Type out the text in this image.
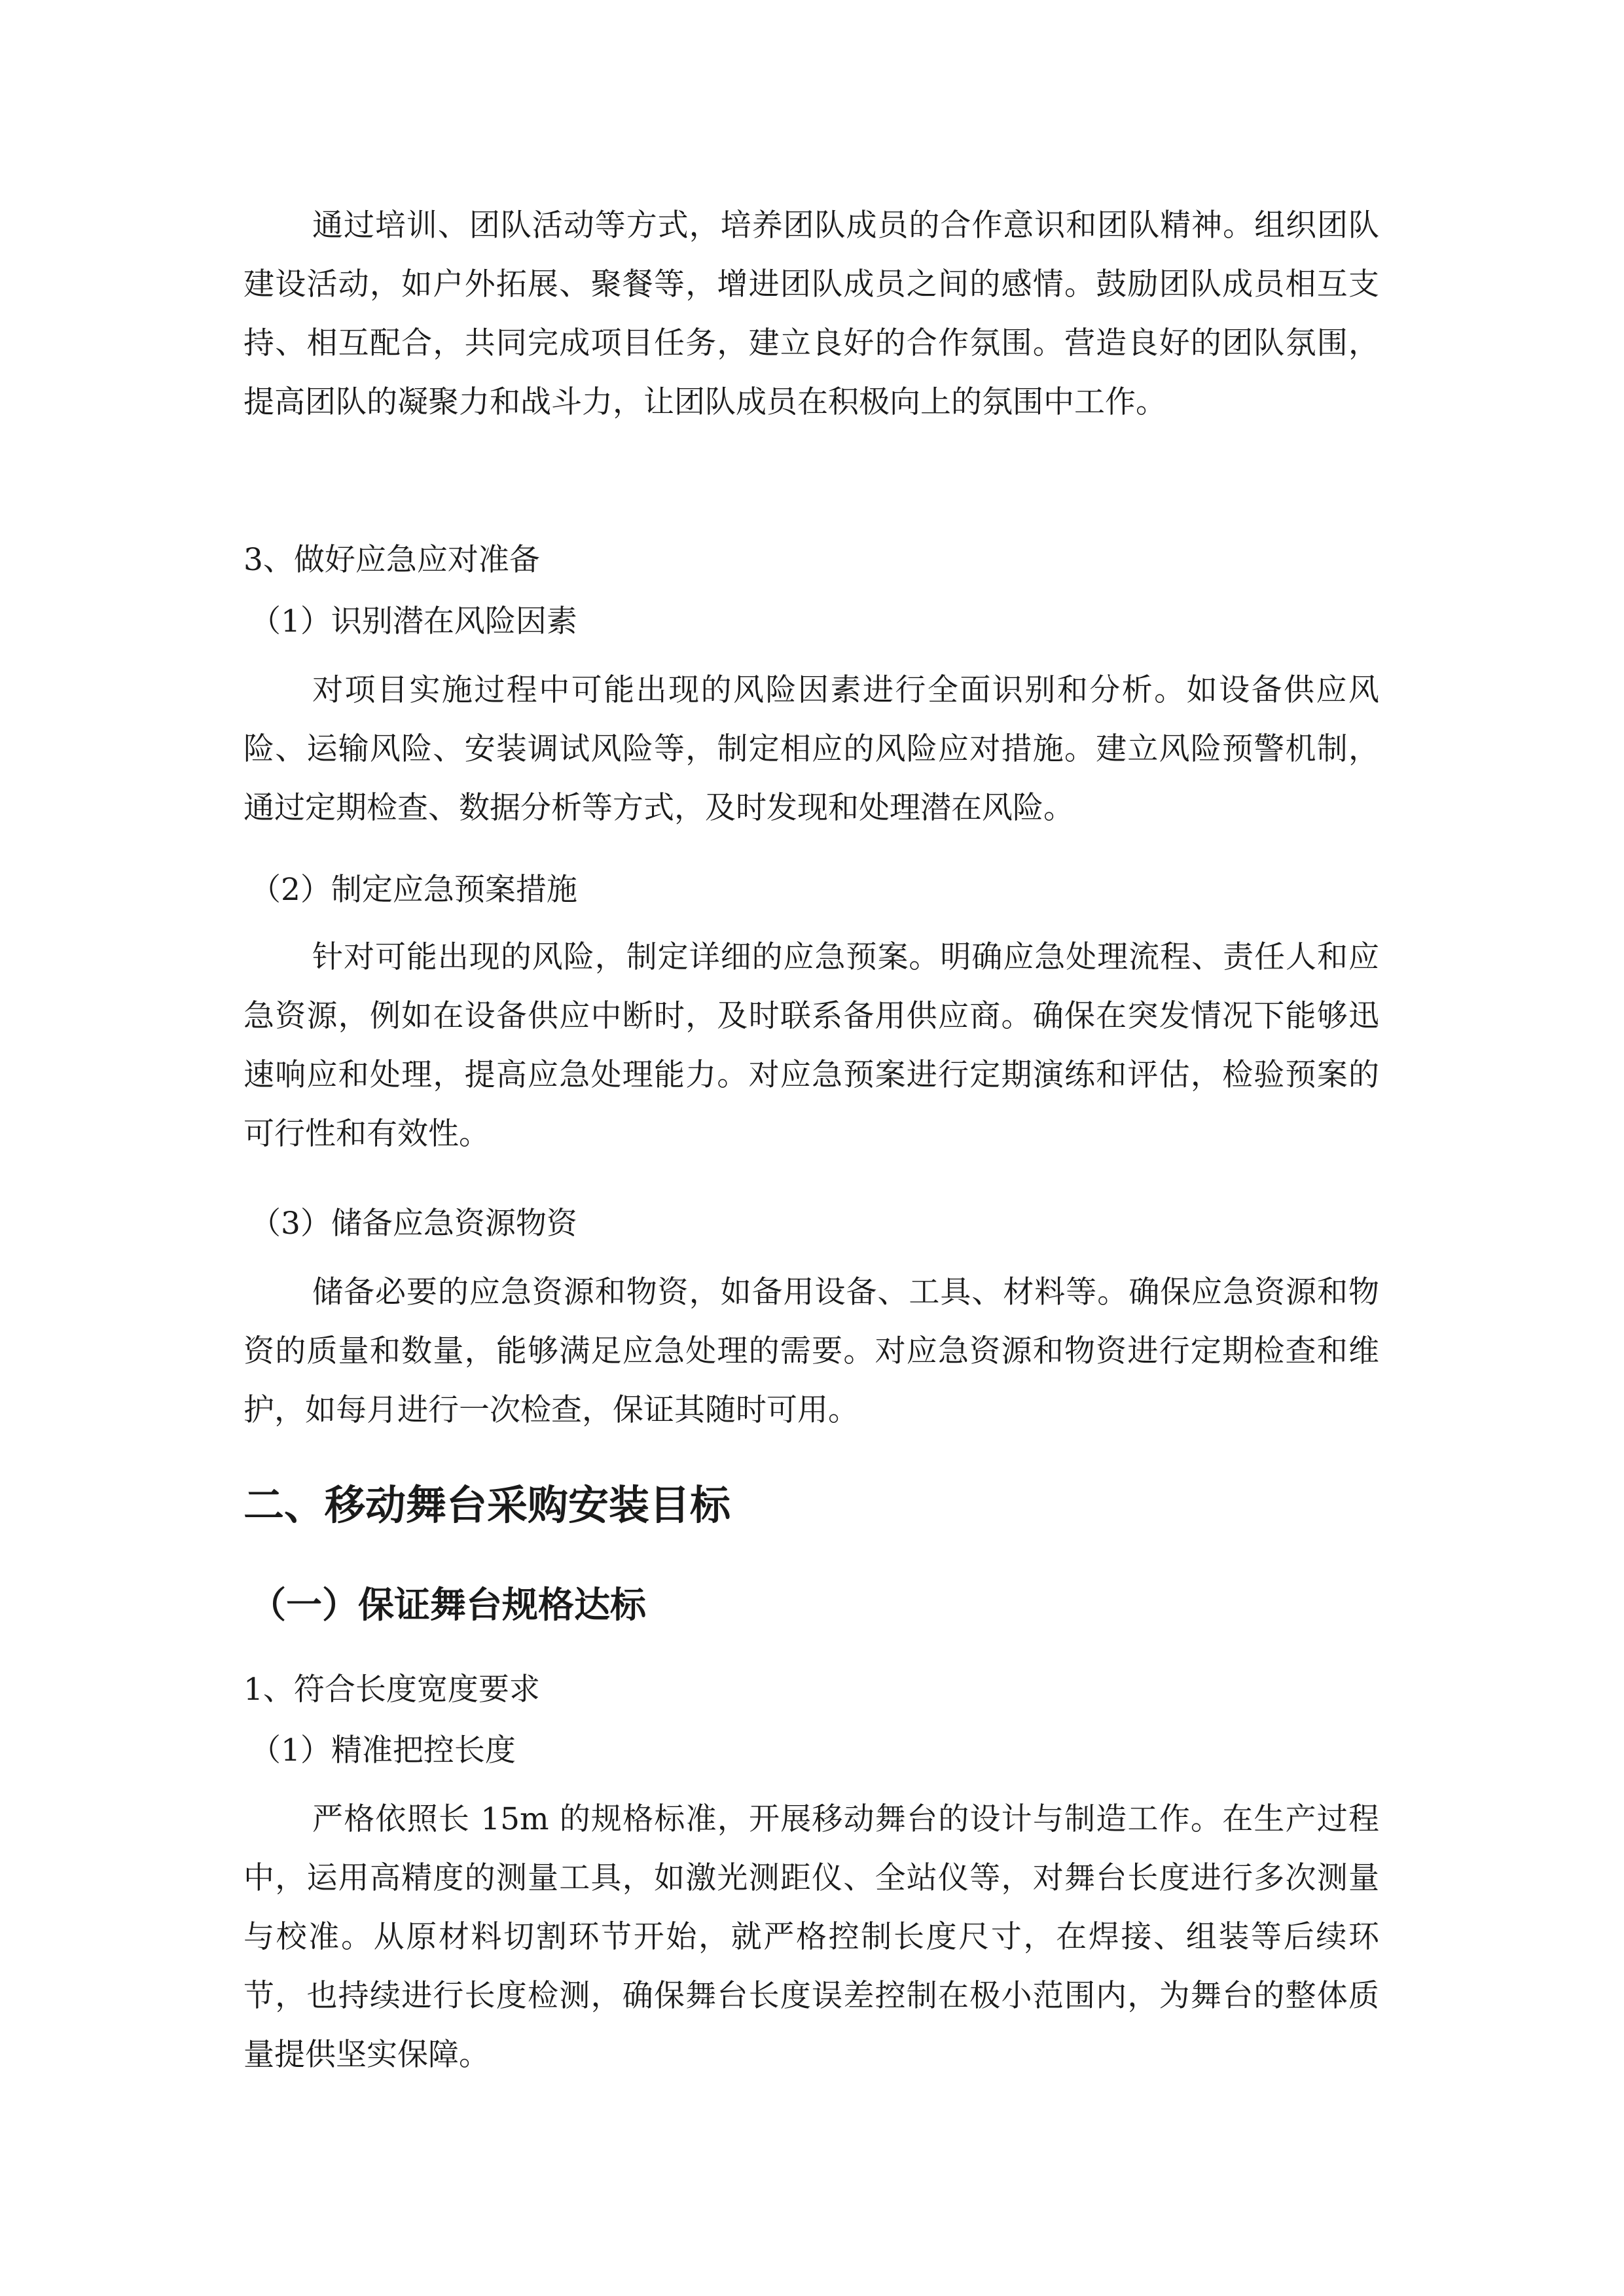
通过培训、团队活动等方式，培养团队成员的合作意识和团队精神。组织团队建设活动，如户外拓展、聚餐等，增进团队成员之间的感情。鼓励团队成员相互支持、相互配合，共同完成项目任务，建立良好的合作氛围。营造良好的团队氛围，提高团队的凝聚力和战斗力，让团队成员在积极向上的氛围中工作。

3、做好应急应对准备

（1）识别潜在风险因素

对项目实施过程中可能出现的风险因素进行全面识别和分析。如设备供应风险、运输风险、安装调试风险等，制定相应的风险应对措施。建立风险预警机制，通过定期检查、数据分析等方式，及时发现和处理潜在风险。

（2）制定应急预案措施

针对可能出现的风险，制定详细的应急预案。明确应急处理流程、责任人和应急资源，例如在设备供应中断时，及时联系备用供应商。确保在突发情况下能够迅速响应和处理，提高应急处理能力。对应急预案进行定期演练和评估，检验预案的可行性和有效性。

（3）储备应急资源物资

储备必要的应急资源和物资，如备用设备、工具、材料等。确保应急资源和物资的质量和数量，能够满足应急处理的需要。对应急资源和物资进行定期检查和维护，如每月进行一次检查，保证其随时可用。

二、移动舞台采购安装目标
（一）保证舞台规格达标

1、符合长度宽度要求

（1）精准把控长度

严格依照长 15m 的规格标准，开展移动舞台的设计与制造工作。在生产过程中，运用高精度的测量工具，如激光测距仪、全站仪等，对舞台长度进行多次测量与校准。从原材料切割环节开始，就严格控制长度尺寸，在焊接、组装等后续环节，也持续进行长度检测，确保舞台长度误差控制在极小范围内，为舞台的整体质量提供坚实保障。
